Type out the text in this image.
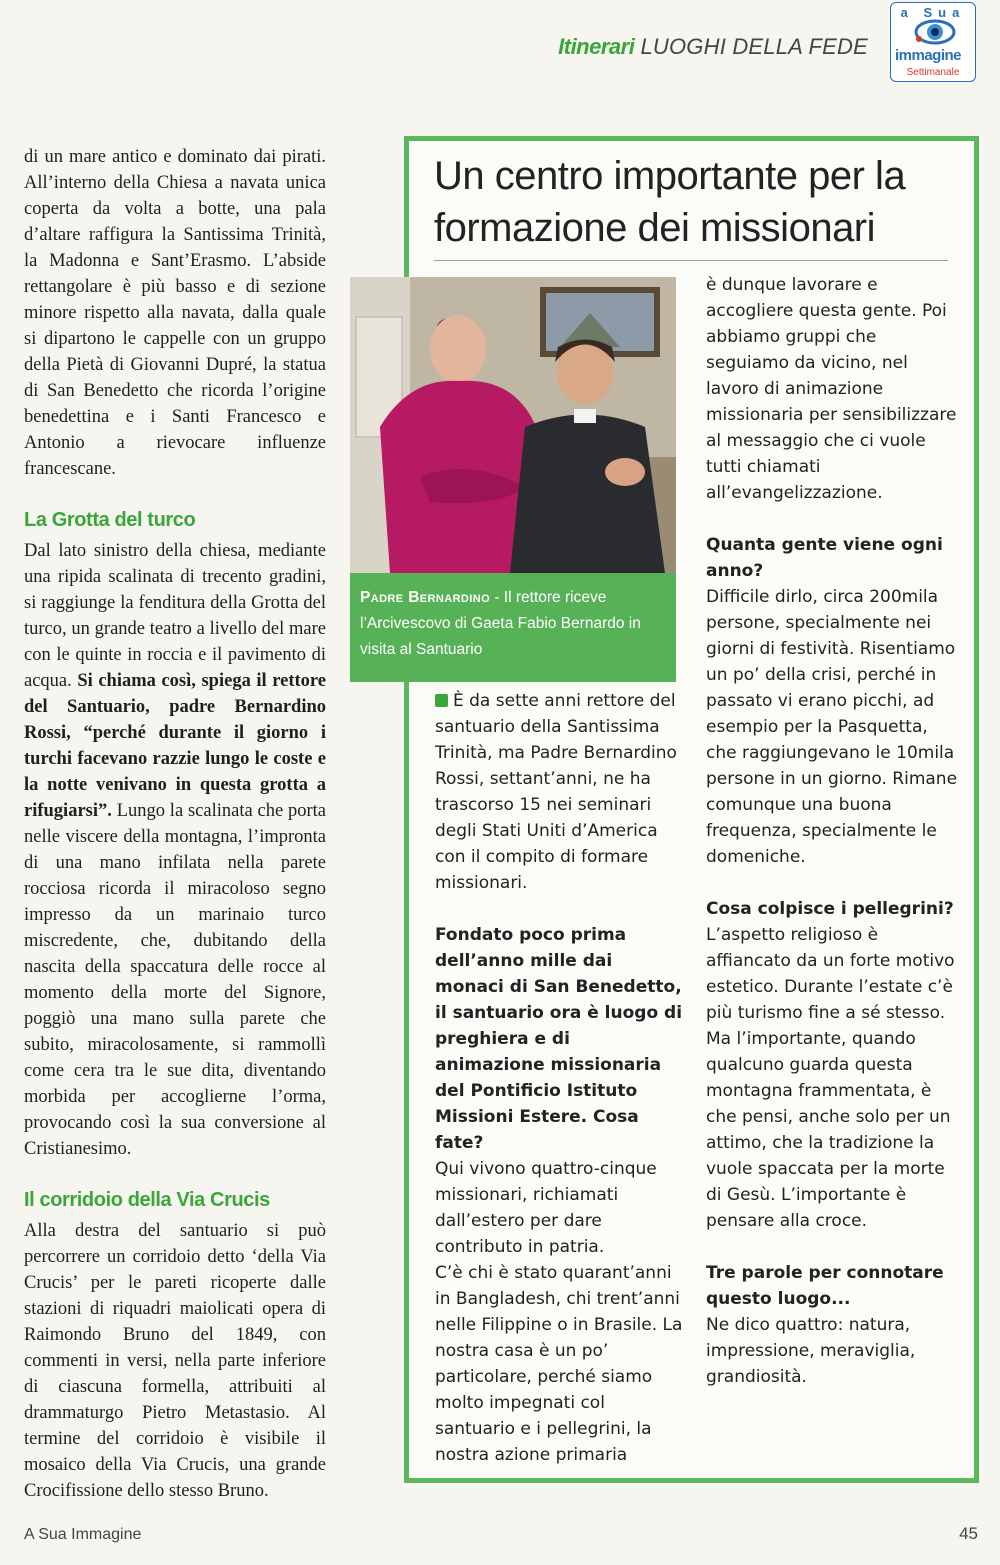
Itinerari LUOGHI DELLA FEDE
a Sua
immagine
Settimanale

di un mare antico e dominato dai pirati. All’interno della Chiesa a navata unica coperta da volta a botte, una pala d’altare raffigura la Santissima Trinità, la Madonna e Sant’Erasmo. L’abside rettangolare è più basso e di sezione minore rispetto alla navata, dalla quale si dipartono le cappelle con un gruppo della Pietà di Giovanni Dupré, la statua di San Benedetto che ricorda l’origine benedettina e i Santi Francesco e Antonio a rievocare influenze francescane.

La Grotta del turco

Dal lato sinistro della chiesa, mediante una ripida scalinata di trecento gradini, si raggiunge la fenditura della Grotta del turco, un grande teatro a livello del mare con le quinte in roccia e il pavimento di acqua. Si chiama così, spiega il rettore del Santuario, padre Bernardino Rossi, “perché durante il giorno i turchi facevano razzie lungo le coste e la notte venivano in questa grotta a rifugiarsi”. Lungo la scalinata che porta nelle viscere della montagna, l’impronta di una mano infilata nella parete rocciosa ricorda il miracoloso segno impresso da un marinaio turco miscredente, che, dubitando della nascita della spaccatura delle rocce al momento della morte del Signore, poggiò una mano sulla parete che subito, miracolosamente, si rammollì come cera tra le sue dita, diventando morbida per accoglierne l’orma, provocando così la sua conversione al Cristianesimo.

Il corridoio della Via Crucis

Alla destra del santuario si può percorrere un corridoio detto ‘della Via Crucis’ per le pareti ricoperte dalle stazioni di riquadri maiolicati opera di Raimondo Bruno del 1849, con commenti in versi, nella parte inferiore di ciascuna formella, attribuiti al drammaturgo Pietro Metastasio. Al termine del corridoio è visibile il mosaico della Via Crucis, una grande Crocifissione dello stesso Bruno.

Un centro importante per la formazione dei missionari
Padre Bernardino - Il rettore riceve l’Arcivescovo di Gaeta Fabio Bernardo in visita al Santuario

È da sette anni rettore del santuario della Santissima Trinità, ma Padre Bernardino Rossi, settant’anni, ne ha trascorso 15 nei seminari degli Stati Uniti d’America con il compito di formare missionari.

Fondato poco prima dell’anno mille dai monaci di San Benedetto, il santuario ora è luogo di preghiera e di animazione missionaria del Pontificio Istituto Missioni Estere. Cosa fate?

Qui vivono quattro-cinque missionari, richiamati dall’estero per dare contributo in patria.

C’è chi è stato quarant’anni in Bangladesh, chi trent’anni nelle Filippine o in Brasile. La nostra casa è un po’ particolare, perché siamo molto impegnati col santuario e i pellegrini, la nostra azione primaria

è dunque lavorare e accogliere questa gente. Poi abbiamo gruppi che seguiamo da vicino, nel lavoro di animazione missionaria per sensibilizzare al messaggio che ci vuole tutti chiamati all’evangelizzazione.

Quanta gente viene ogni anno?

Difficile dirlo, circa 200mila persone, specialmente nei giorni di festività. Risentiamo un po’ della crisi, perché in passato vi erano picchi, ad esempio per la Pasquetta, che raggiungevano le 10mila persone in un giorno. Rimane comunque una buona frequenza, specialmente le domeniche.

Cosa colpisce i pellegrini?

L’aspetto religioso è affiancato da un forte motivo estetico. Durante l’estate c’è più turismo fine a sé stesso. Ma l’importante, quando qualcuno guarda questa montagna frammentata, è che pensi, anche solo per un attimo, che la tradizione la vuole spaccata per la morte di Gesù. L’importante è pensare alla croce.

Tre parole per connotare questo luogo...

Ne dico quattro: natura, impressione, meraviglia, grandiosità.

A Sua Immagine	45
